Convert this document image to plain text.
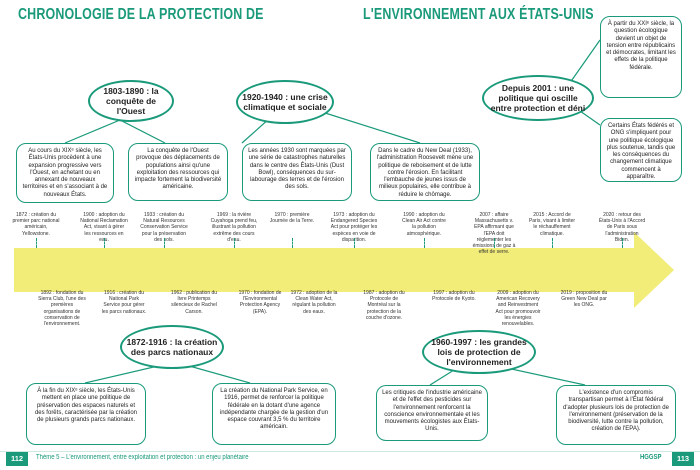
CHRONOLOGIE DE LA PROTECTION DE	L'ENVIRONNEMENT AUX ÉTATS-UNIS
1803-1890 : la conquête de l'Ouest
1920-1940 : une crise climatique et sociale
Depuis 2001 : une politique qui oscille entre protection et déni
1872-1916 : la création des parcs nationaux
1960-1997 : les grandes lois de protection de l'environnement
Au cours du XIXᵉ siècle, les États-Unis procèdent à une expansion progressive vers l'Ouest, en achetant ou en annexant de nouveaux territoires et en s'associant à de nouveaux États.
La conquête de l'Ouest provoque des déplacements de populations ainsi qu'une exploitation des ressources qui impacte fortement la biodiversité américaine.
Les années 1930 sont marquées par une série de catastrophes naturelles dans le centre des États-Unis (Dust Bowl), conséquences du sur-labourage des terres et de l'érosion des sols.
Dans le cadre du New Deal (1933), l'administration Roosevelt mène une politique de reboisement et de lutte contre l'érosion. En facilitant l'embauche de jeunes issus de milieux populaires, elle contribue à réduire le chômage.
À partir du XXIᵉ siècle, la question écologique devient un objet de tension entre républicains et démocrates, limitant les effets de la politique fédérale.
Certains États fédérés et ONG s'impliquent pour une politique écologique plus soutenue, tandis que les conséquences du changement climatique commencent à apparaître.
À la fin du XIXᵉ siècle, les États-Unis mettent en place une politique de préservation des espaces naturels et des forêts, caractérisée par la création de plusieurs grands parcs nationaux.
La création du National Park Service, en 1916, permet de renforcer la politique fédérale en la dotant d'une agence indépendante chargée de la gestion d'un espace couvrant 3,5 % du territoire américain.
Les critiques de l'industrie américaine et de l'effet des pesticides sur l'environnement renforcent la conscience environnementale et les mouvements écologistes aux États-Unis.
L'existence d'un compromis transpartisan permet à l'État fédéral d'adopter plusieurs lois de protection de l'environnement (préservation de la biodiversité, lutte contre la pollution, création de l'EPA).
1872 : création du premier parc national américain, Yellowstone.
1900 : adoption du National Reclamation Act, visant à gérer les ressources en eau.
1933 : création du Natural Resources Conservation Service pour la préservation des sols.
1969 : la rivière Cuyahoga prend feu, illustrant la pollution extrême des cours d'eau.
1970 : première Journée de la Terre.
1973 : adoption du Endangered Species Act pour protéger les espèces en voie de disparition.
1990 : adoption du Clean Air Act contre la pollution atmosphérique.
2007 : affaire Massachusetts v. EPA affirmant que l'EPA doit réglementer les émissions de gaz à effet de serre.
2015 : Accord de Paris, visant à limiter le réchauffement climatique.
2020 : retour des États-Unis à l'Accord de Paris sous l'administration Biden.
1892 : fondation du Sierra Club, l'une des premières organisations de conservation de l'environnement.
1916 : création du National Park Service pour gérer les parcs nationaux.
1962 : publication du livre Printemps silencieux de Rachel Carson.
1970 : fondation de l'Environmental Protection Agency (EPA).
1972 : adoption de la Clean Water Act, régulant la pollution des eaux.
1987 : adoption du Protocole de Montréal sur la protection de la couche d'ozone.
1997 : adoption du Protocole de Kyoto.
2009 : adoption du American Recovery and Reinvestment Act pour promouvoir les énergies renouvelables.
2019 : proposition du Green New Deal par les ONG.
112	Thème 5 – L'environnement, entre exploitation et protection : un enjeu planétaire	HGGSP	113
